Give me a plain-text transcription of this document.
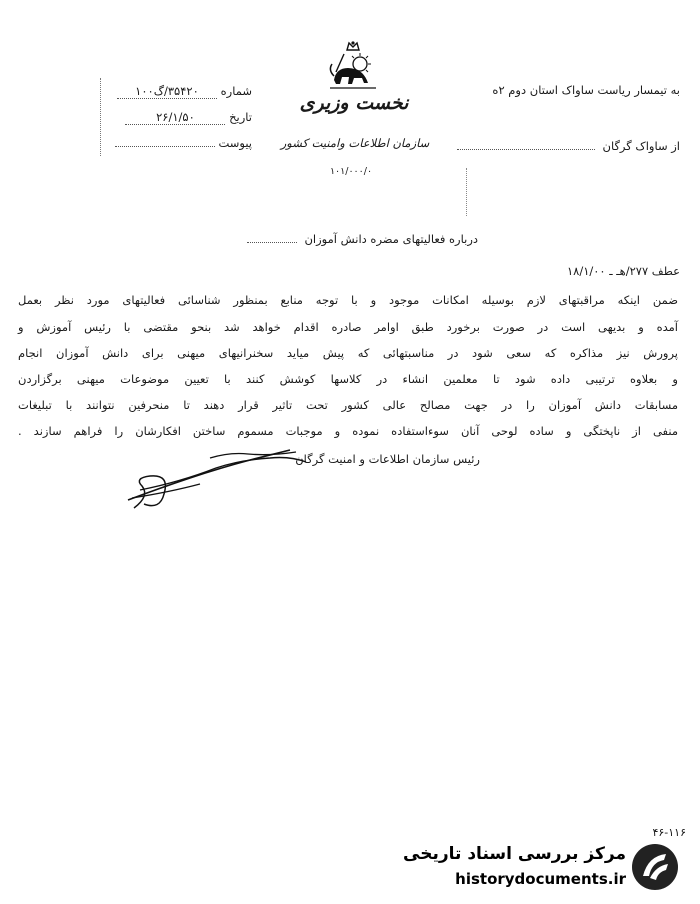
نخست وزیری
سازمان اطلاعات وامنیت کشور
۱۰۱/۰۰۰/۰
به تیمسار ریاست ساواک استان دوم ۲ه
از ساواک گرگان
شماره ۳۵۴۲۰/گ۱۰۰
تاریخ ۲۶/۱/۵۰
پیوست
درباره فعالیتهای مضره دانش آموزان
عطف ۲۷۷/هـ ـ ۱۸/۱/۰۰
ضمن اینکه مراقبتهای لازم بوسیله امکانات موجود و با توجه منابع بمنظور شناسائی فعالیتهای مورد نظر بعمل
آمده و بدیهی است در صورت برخورد طبق اوامر صادره اقدام خواهد شد بنحو مقتضی با رئیس آموزش و
پرورش نیز مذاکره که سعی شود در مناسبتهائی که پیش میاید سخنرانیهای میهنی برای دانش آموزان انجام
و بعلاوه ترتیبی داده شود تا معلمین انشاء در کلاسها کوشش کنند با تعیین موضوعات میهنی برگزاردن
مسابقات دانش آموزان را در جهت مصالح عالی کشور تحت تاثیر قرار دهند تا منحرفین نتوانند با تبلیغات
منفی از ناپختگی و ساده لوحی آنان سوءاستفاده نموده و موجبات مسموم ساختن افکارشان را فراهم سازند .
رئیس سازمان اطلاعات و امنیت گرگان
۴۶-۱۱۶
مرکز بررسی اسناد تاریخی
historydocuments.ir
